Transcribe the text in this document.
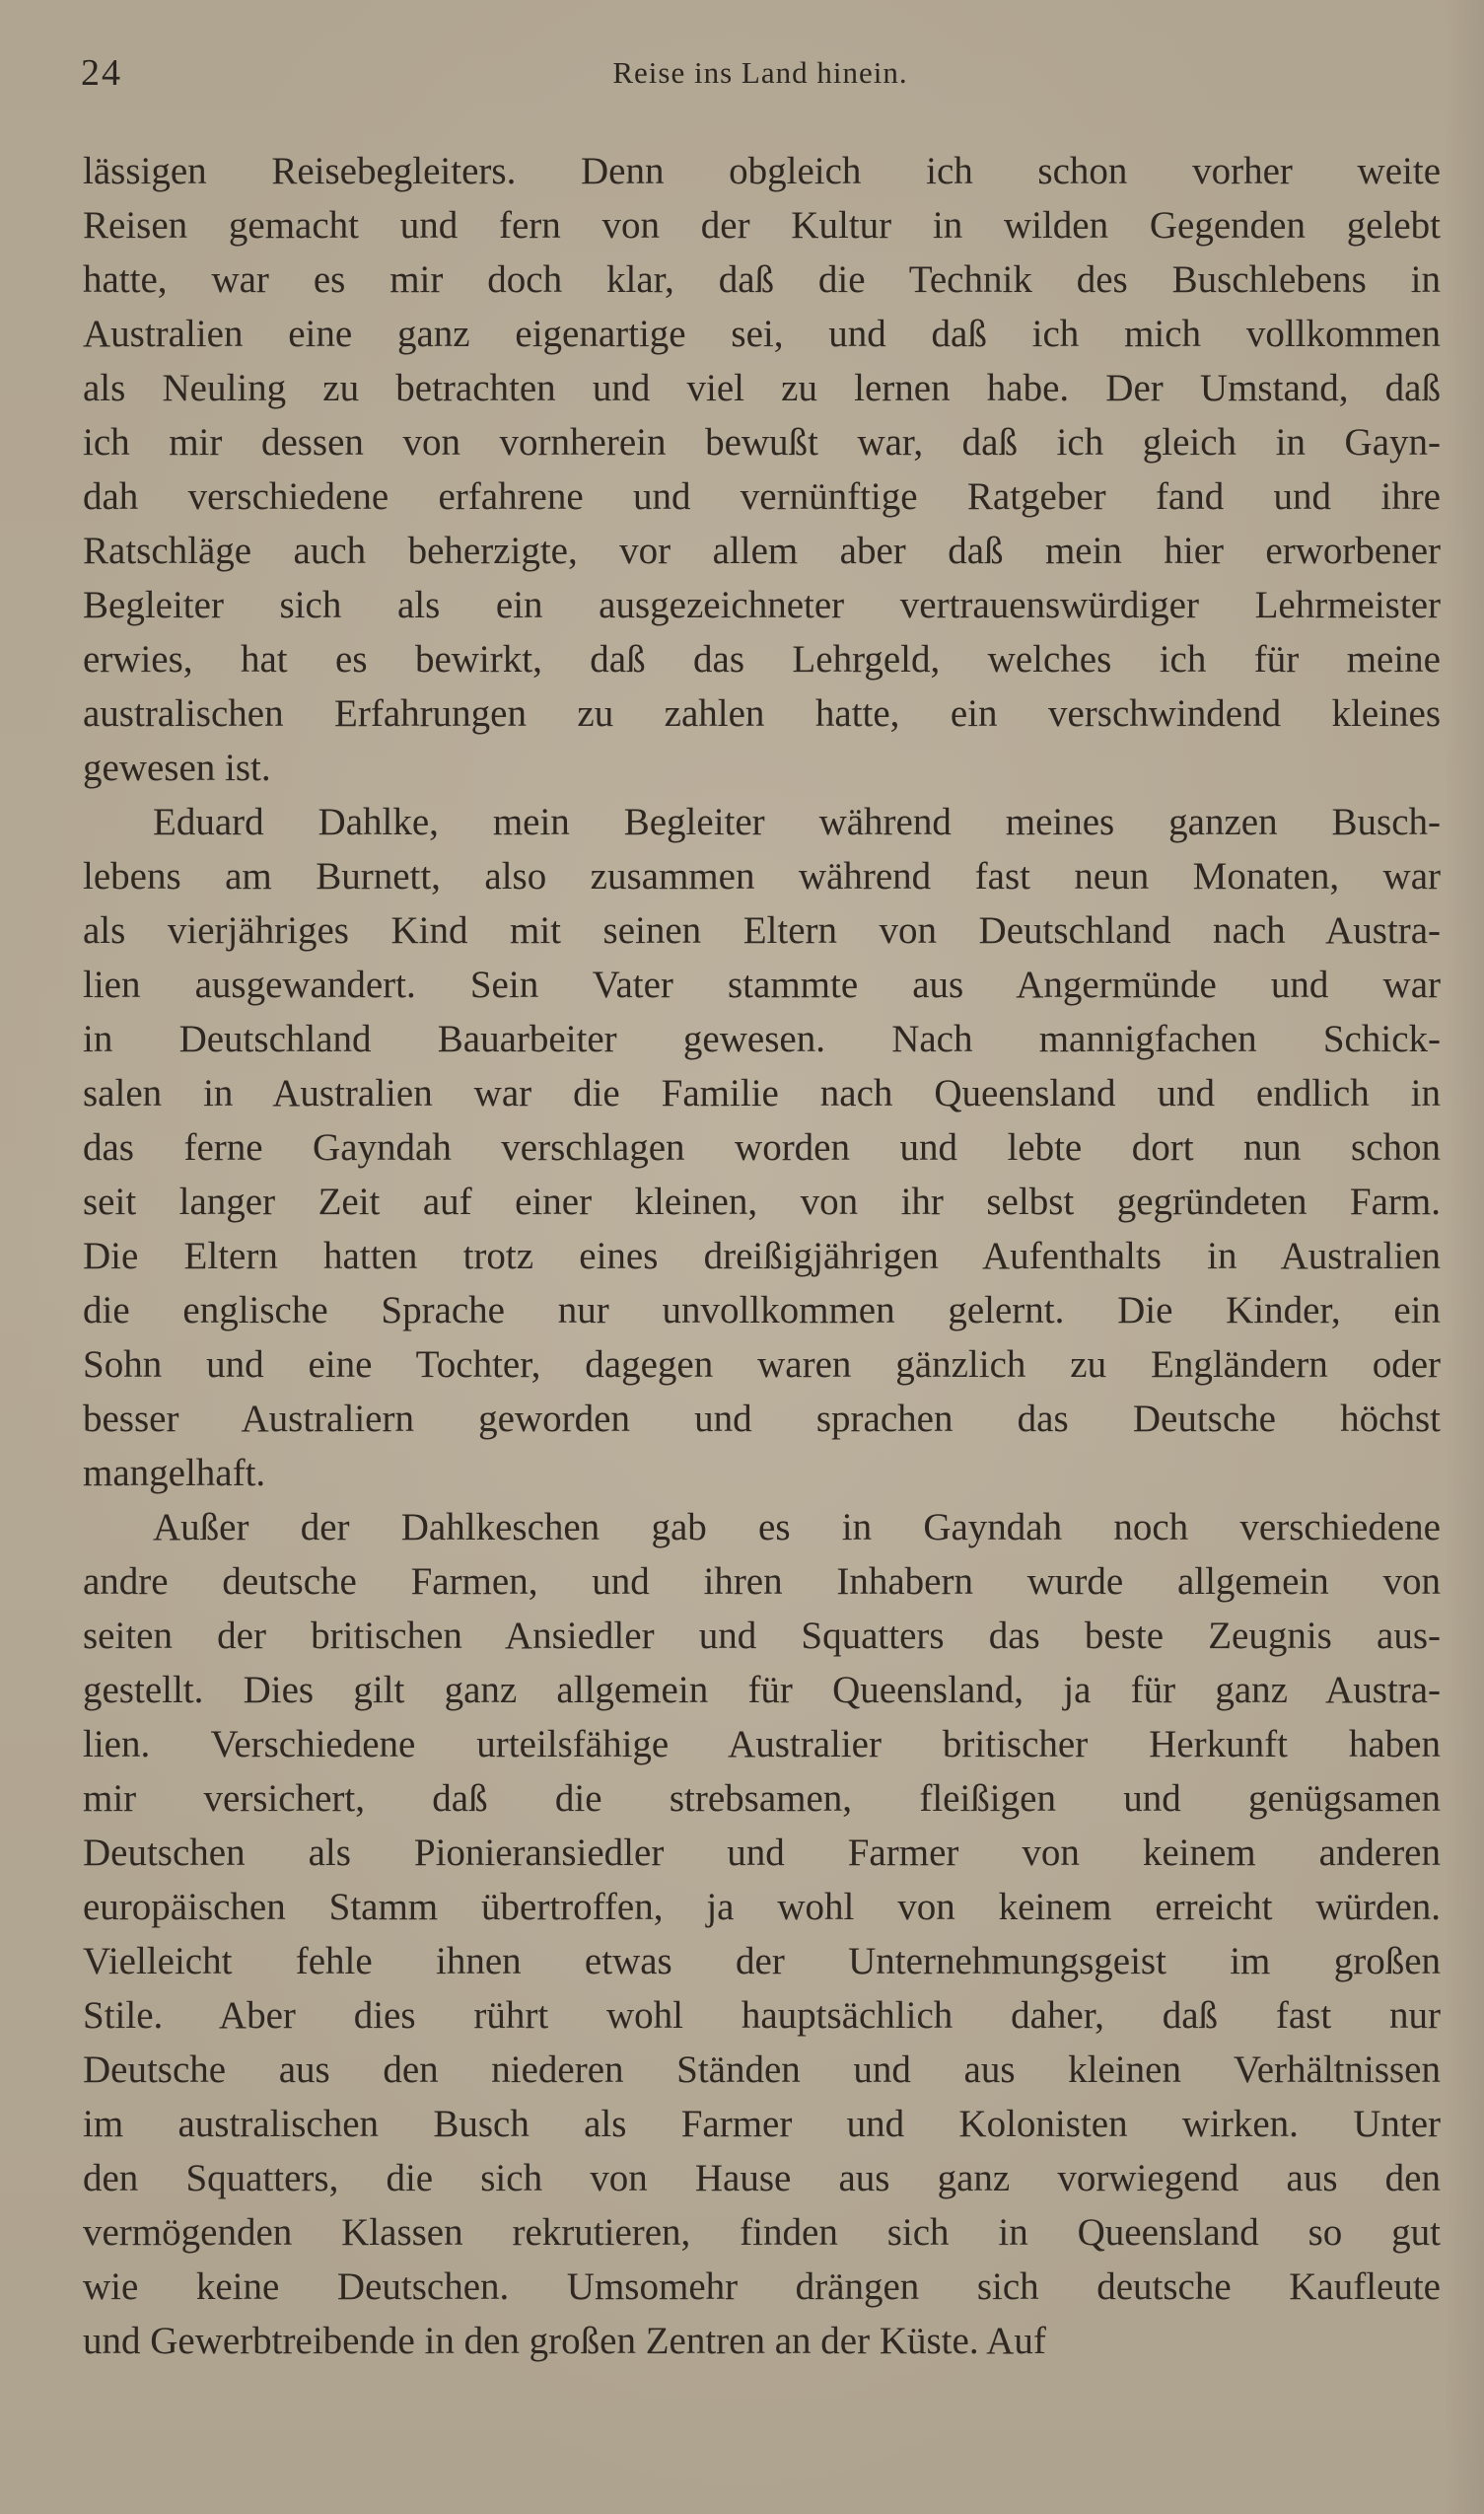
24	Reise ins Land hinein.
lässigen Reisebegleiters. Denn obgleich ich schon vorher weite
Reisen gemacht und fern von der Kultur in wilden Gegenden gelebt
hatte, war es mir doch klar, daß die Technik des Buschlebens in
Australien eine ganz eigenartige sei, und daß ich mich vollkommen
als Neuling zu betrachten und viel zu lernen habe. Der Umstand, daß
ich mir dessen von vornherein bewußt war, daß ich gleich in Gayn-
dah verschiedene erfahrene und vernünftige Ratgeber fand und ihre
Ratschläge auch beherzigte, vor allem aber daß mein hier erworbener
Begleiter sich als ein ausgezeichneter vertrauenswürdiger Lehrmeister
erwies, hat es bewirkt, daß das Lehrgeld, welches ich für meine
australischen Erfahrungen zu zahlen hatte, ein verschwindend kleines
gewesen ist.
Eduard Dahlke, mein Begleiter während meines ganzen Busch-
lebens am Burnett, also zusammen während fast neun Monaten, war
als vierjähriges Kind mit seinen Eltern von Deutschland nach Austra-
lien ausgewandert. Sein Vater stammte aus Angermünde und war
in Deutschland Bauarbeiter gewesen. Nach mannigfachen Schick-
salen in Australien war die Familie nach Queensland und endlich in
das ferne Gayndah verschlagen worden und lebte dort nun schon
seit langer Zeit auf einer kleinen, von ihr selbst gegründeten Farm.
Die Eltern hatten trotz eines dreißigjährigen Aufenthalts in Australien
die englische Sprache nur unvollkommen gelernt. Die Kinder, ein
Sohn und eine Tochter, dagegen waren gänzlich zu Engländern oder
besser Australiern geworden und sprachen das Deutsche höchst
mangelhaft.
Außer der Dahlkeschen gab es in Gayndah noch verschiedene
andre deutsche Farmen, und ihren Inhabern wurde allgemein von
seiten der britischen Ansiedler und Squatters das beste Zeugnis aus-
gestellt. Dies gilt ganz allgemein für Queensland, ja für ganz Austra-
lien. Verschiedene urteilsfähige Australier britischer Herkunft haben
mir versichert, daß die strebsamen, fleißigen und genügsamen
Deutschen als Pionieransiedler und Farmer von keinem anderen
europäischen Stamm übertroffen, ja wohl von keinem erreicht würden.
Vielleicht fehle ihnen etwas der Unternehmungsgeist im großen
Stile. Aber dies rührt wohl hauptsächlich daher, daß fast nur
Deutsche aus den niederen Ständen und aus kleinen Verhältnissen
im australischen Busch als Farmer und Kolonisten wirken. Unter
den Squatters, die sich von Hause aus ganz vorwiegend aus den
vermögenden Klassen rekrutieren, finden sich in Queensland so gut
wie keine Deutschen. Umsomehr drängen sich deutsche Kaufleute
und Gewerbtreibende in den großen Zentren an der Küste. Auf
